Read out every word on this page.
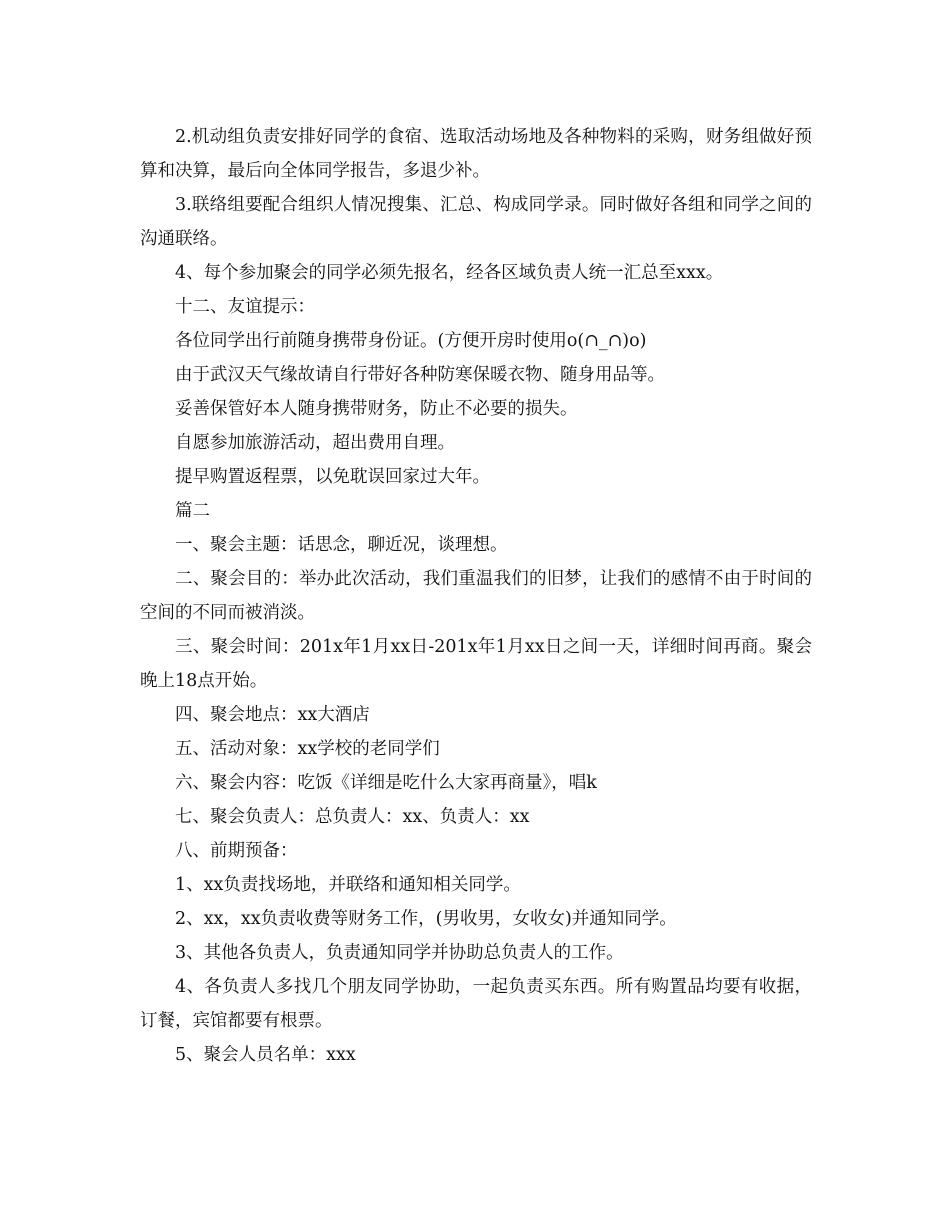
2.机动组负责安排好同学的食宿、选取活动场地及各种物料的采购，财务组做好预算和决算，最后向全体同学报告，多退少补。

3.联络组要配合组织人情况搜集、汇总、构成同学录。同时做好各组和同学之间的沟通联络。

4、每个参加聚会的同学必须先报名，经各区域负责人统一汇总至xxx。

十二、友谊提示：

各位同学出行前随身携带身份证。(方便开房时使用o(∩_∩)o)

由于武汉天气缘故请自行带好各种防寒保暖衣物、随身用品等。

妥善保管好本人随身携带财务，防止不必要的损失。

自愿参加旅游活动，超出费用自理。

提早购置返程票，以免耽误回家过大年。

篇二

一、聚会主题：话思念，聊近况，谈理想。

二、聚会目的：举办此次活动，我们重温我们的旧梦，让我们的感情不由于时间的空间的不同而被消淡。

三、聚会时间：201x年1月xx日-201x年1月xx日之间一天，详细时间再商。聚会晚上18点开始。

四、聚会地点：xx大酒店

五、活动对象：xx学校的老同学们

六、聚会内容：吃饭《详细是吃什么大家再商量》，唱k

七、聚会负责人：总负责人：xx、负责人：xx

八、前期预备：

1、xx负责找场地，并联络和通知相关同学。

2、xx，xx负责收费等财务工作，(男收男，女收女)并通知同学。

3、其他各负责人，负责通知同学并协助总负责人的工作。

4、各负责人多找几个朋友同学协助，一起负责买东西。所有购置品均要有收据，订餐，宾馆都要有根票。

5、聚会人员名单：xxx
